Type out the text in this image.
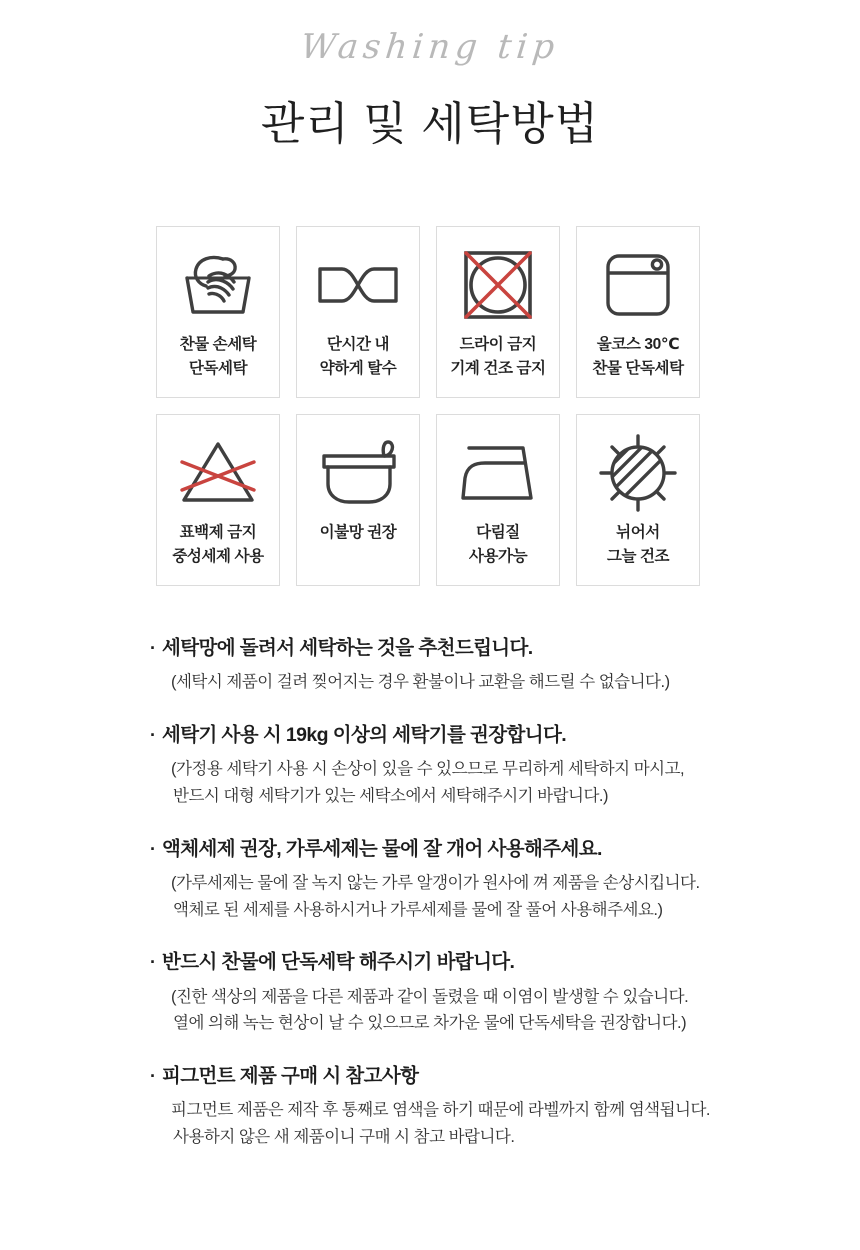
Washing tip
관리 및 세탁방법
찬물 손세탁
단독세탁
단시간 내
약하게 탈수
드라이 금지
기계 건조 금지
울코스 30℃
찬물 단독세탁
표백제 금지
중성세제 사용
이불망 권장	다림질
사용가능
뉘어서
그늘 건조
· 세탁망에 돌려서 세탁하는 것을 추천드립니다.
(세탁시 제품이 걸려 찢어지는 경우 환불이나 교환을 해드릴 수 없습니다.)
· 세탁기 사용 시 19kg 이상의 세탁기를 권장합니다.
(가정용 세탁기 사용 시 손상이 있을 수 있으므로 무리하게 세탁하지 마시고,
반드시 대형 세탁기가 있는 세탁소에서 세탁해주시기 바랍니다.)
· 액체세제 권장, 가루세제는 물에 잘 개어 사용해주세요.
(가루세제는 물에 잘 녹지 않는 가루 알갱이가 원사에 껴 제품을 손상시킵니다.
액체로 된 세제를 사용하시거나 가루세제를 물에 잘 풀어 사용해주세요.)
· 반드시 찬물에 단독세탁 해주시기 바랍니다.
(진한 색상의 제품을 다른 제품과 같이 돌렸을 때 이염이 발생할 수 있습니다.
열에 의해 녹는 현상이 날 수 있으므로 차가운 물에 단독세탁을 권장합니다.)
· 피그먼트 제품 구매 시 참고사항
피그먼트 제품은 제작 후 통째로 염색을 하기 때문에 라벨까지 함께 염색됩니다.
사용하지 않은 새 제품이니 구매 시 참고 바랍니다.
